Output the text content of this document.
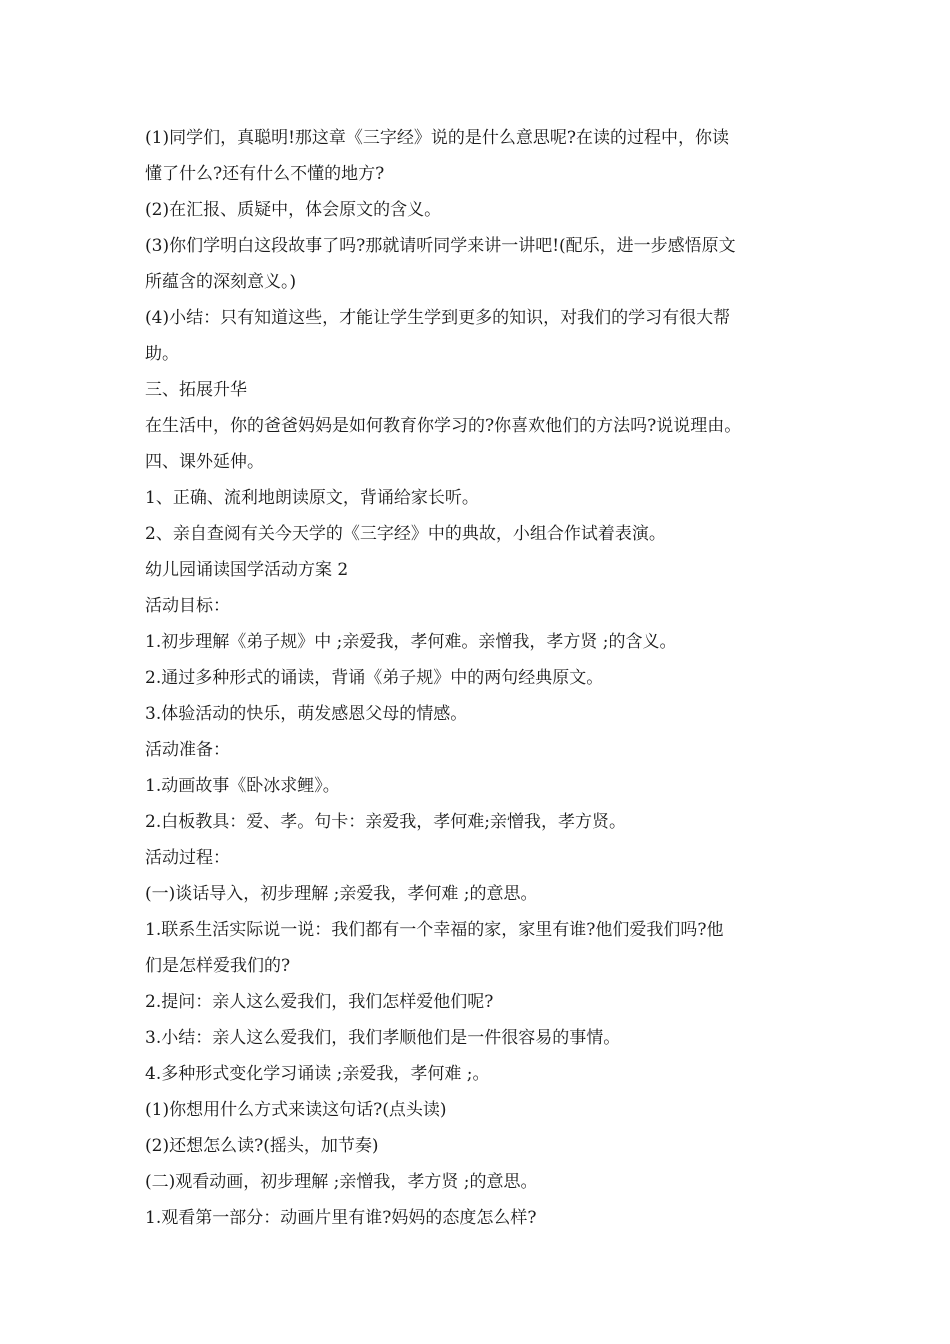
(1)同学们，真聪明!那这章《三字经》说的是什么意思呢?在读的过程中，你读
懂了什么?还有什么不懂的地方?
(2)在汇报、质疑中，体会原文的含义。
(3)你们学明白这段故事了吗?那就请听同学来讲一讲吧!(配乐，进一步感悟原文
所蕴含的深刻意义。)
(4)小结：只有知道这些，才能让学生学到更多的知识，对我们的学习有很大帮
助。
三、拓展升华
在生活中，你的爸爸妈妈是如何教育你学习的?你喜欢他们的方法吗?说说理由。
四、课外延伸。
1、正确、流利地朗读原文，背诵给家长听。
2、亲自查阅有关今天学的《三字经》中的典故，小组合作试着表演。
幼儿园诵读国学活动方案 2
活动目标：
1.初步理解《弟子规》中 ;亲爱我，孝何难。亲憎我，孝方贤 ;的含义。
2.通过多种形式的诵读，背诵《弟子规》中的两句经典原文。
3.体验活动的快乐，萌发感恩父母的情感。
活动准备：
1.动画故事《卧冰求鲤》。
2.白板教具：爱、孝。句卡：亲爱我，孝何难;亲憎我，孝方贤。
活动过程：
(一)谈话导入，初步理解 ;亲爱我，孝何难 ;的意思。
1.联系生活实际说一说：我们都有一个幸福的家，家里有谁?他们爱我们吗?他
们是怎样爱我们的?
2.提问：亲人这么爱我们，我们怎样爱他们呢?
3.小结：亲人这么爱我们，我们孝顺他们是一件很容易的事情。
4.多种形式变化学习诵读 ;亲爱我，孝何难 ;。
(1)你想用什么方式来读这句话?(点头读)
(2)还想怎么读?(摇头，加节奏)
(二)观看动画，初步理解 ;亲憎我，孝方贤 ;的意思。
1.观看第一部分：动画片里有谁?妈妈的态度怎么样?
